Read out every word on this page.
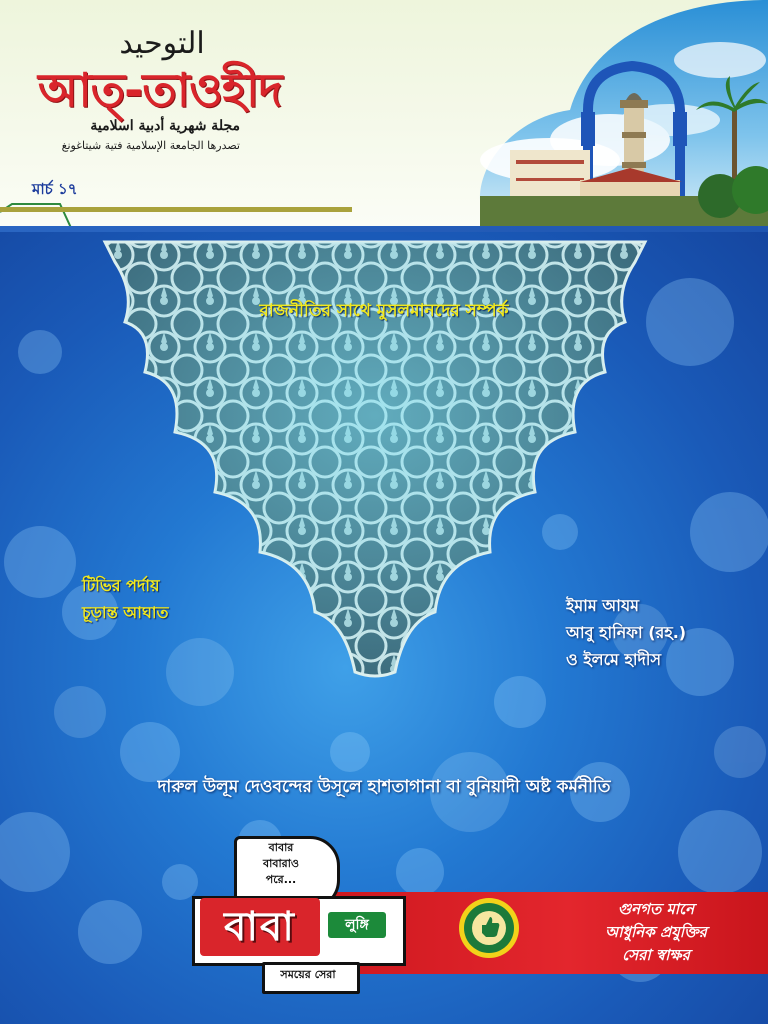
التوحيد
আত্-তাওহীদ
مجلة شهرية أدبية اسلامية
تصدرها الجامعة الإسلامية فتية شيتاغونغ
মার্চ ১৭
রাজনীতির সাথে মুসলমানদের সম্পর্ক
টিভির পর্দায়
চূড়ান্ত আঘাত	ইমাম আযম
আবু হানিফা (রহ.)
ও ইলমে হাদীস
দারুল উলূম দেওবন্দের উসূলে হাশতাগানা বা বুনিয়াদী অষ্ট কর্মনীতি
বাবার
বাবারাও
পরে...
বাবা	লুঙ্গি
সময়ের সেরা
গুনগত মানে
আধুনিক প্রযুক্তির
সেরা স্বাক্ষর
